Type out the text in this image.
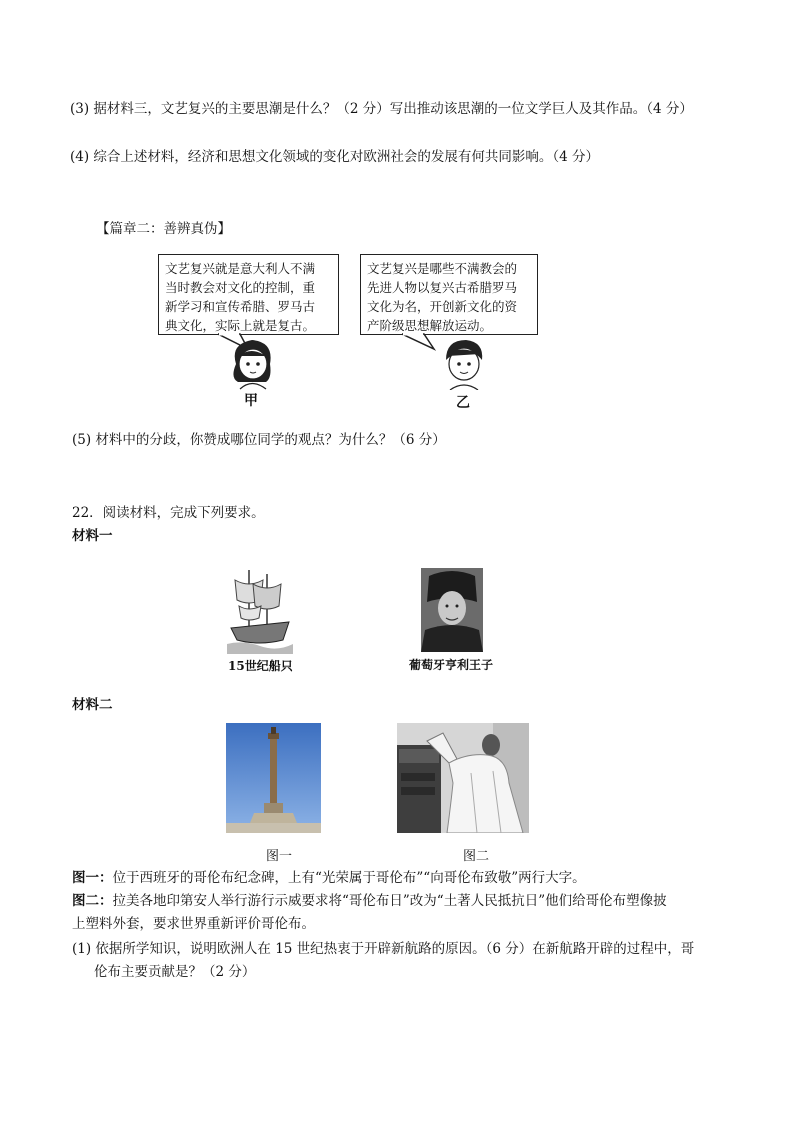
(3) 据材料三，文艺复兴的主要思潮是什么？（2 分）写出推动该思潮的一位文学巨人及其作品。（4 分）
(4) 综合上述材料，经济和思想文化领域的变化对欧洲社会的发展有何共同影响。（4 分）
【篇章二：善辨真伪】
文艺复兴就是意大利人不满
当时教会对文化的控制，重
新学习和宣传希腊、罗马古
典文化，实际上就是复古。
文艺复兴是哪些不满教会的
先进人物以复兴古希腊罗马
文化为名，开创新文化的资
产阶级思想解放运动。
甲	乙
(5) 材料中的分歧，你赞成哪位同学的观点？为什么？（6 分）
22．阅读材料，完成下列要求。
材料一
15世纪船只	葡萄牙亨利王子
材料二
图一	图二
图一：位于西班牙的哥伦布纪念碑，上有“光荣属于哥伦布”“向哥伦布致敬”两行大字。
图二：拉美各地印第安人举行游行示威要求将“哥伦布日”改为“土著人民抵抗日”他们给哥伦布塑像披
上塑料外套，要求世界重新评价哥伦布。
(1) 依据所学知识，说明欧洲人在 15 世纪热衷于开辟新航路的原因。（6 分）在新航路开辟的过程中，哥
伦布主要贡献是？（2 分）
